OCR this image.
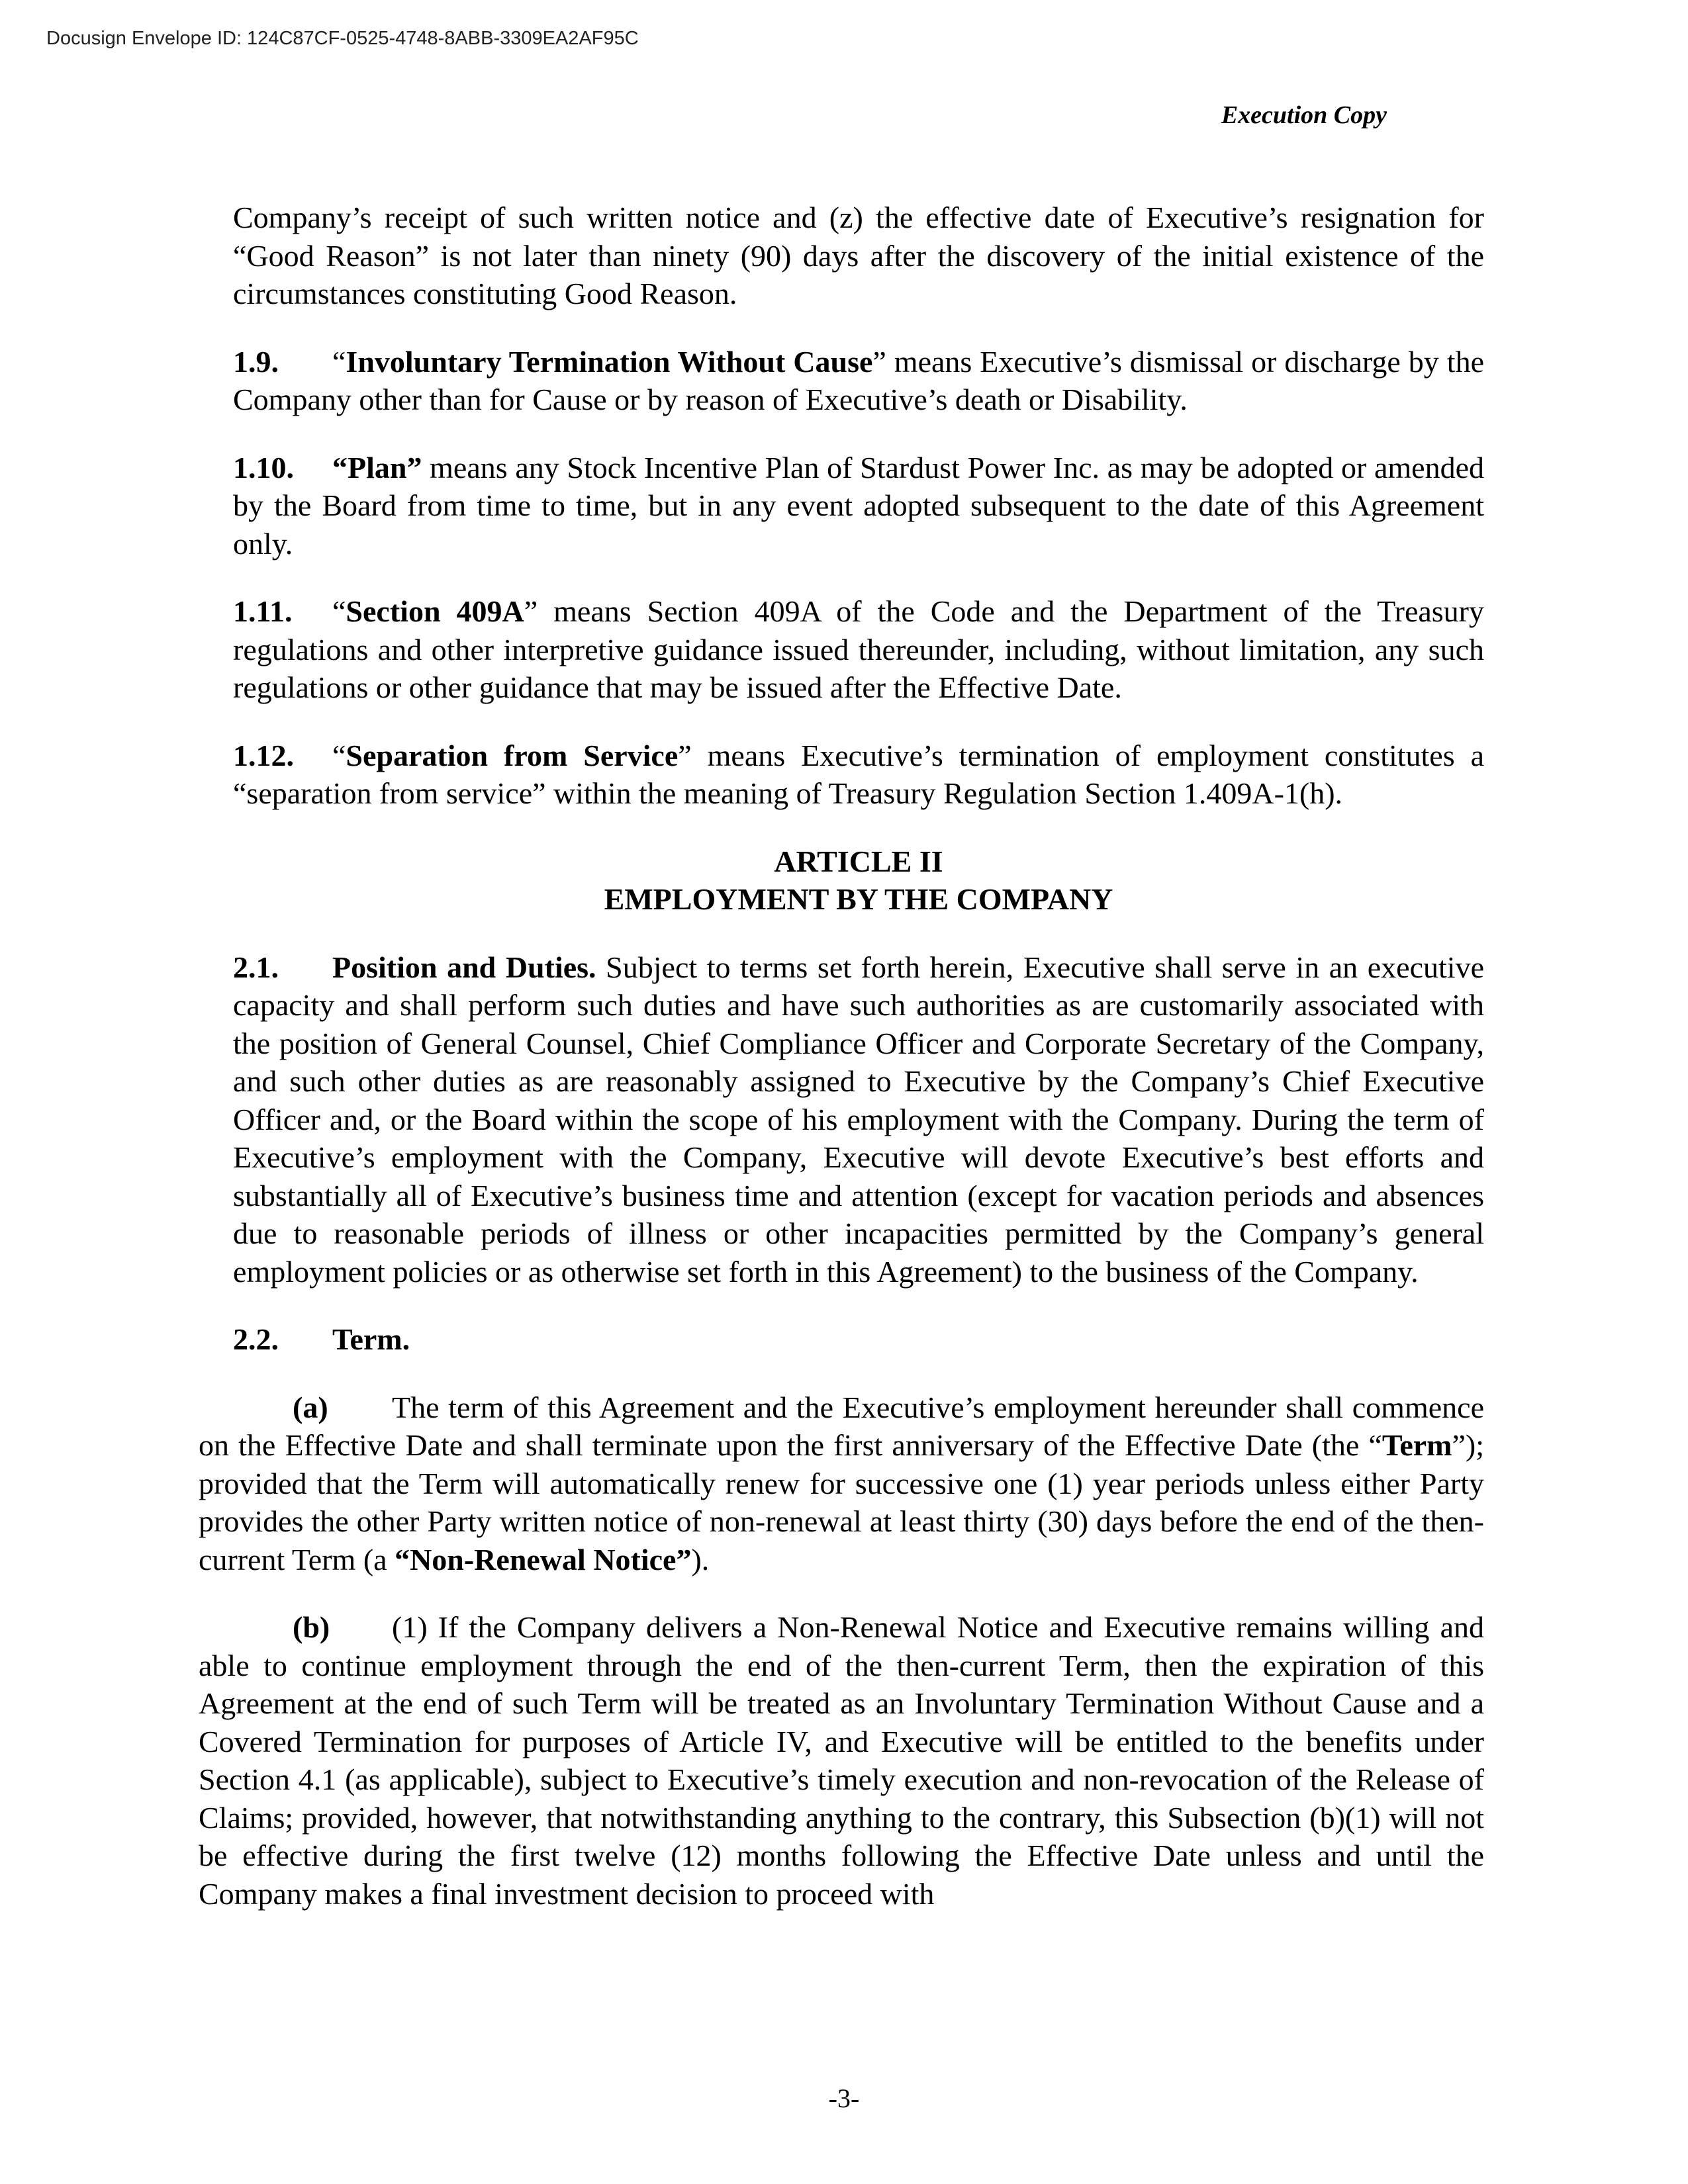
Docusign Envelope ID: 124C87CF-0525-4748-8ABB-3309EA2AF95C
Execution Copy

Company’s receipt of such written notice and (z) the effective date of Executive’s resignation for “Good Reason” is not later than ninety (90) days after the discovery of the initial existence of the circumstances constituting Good Reason.

1.9. “Involuntary Termination Without Cause” means Executive’s dismissal or discharge by the Company other than for Cause or by reason of Executive’s death or Disability.

1.10. “Plan” means any Stock Incentive Plan of Stardust Power Inc. as may be adopted or amended by the Board from time to time, but in any event adopted subsequent to the date of this Agreement only.

1.11. “Section 409A” means Section 409A of the Code and the Department of the Treasury regulations and other interpretive guidance issued thereunder, including, without limitation, any such regulations or other guidance that may be issued after the Effective Date.

1.12. “Separation from Service” means Executive’s termination of employment constitutes a “separation from service” within the meaning of Treasury Regulation Section 1.409A-1(h).

ARTICLE II
EMPLOYMENT BY THE COMPANY

2.1. Position and Duties. Subject to terms set forth herein, Executive shall serve in an executive capacity and shall perform such duties and have such authorities as are customarily associated with the position of General Counsel, Chief Compliance Officer and Corporate Secretary of the Company, and such other duties as are reasonably assigned to Executive by the Company’s Chief Executive Officer and, or the Board within the scope of his employment with the Company. During the term of Executive’s employment with the Company, Executive will devote Executive’s best efforts and substantially all of Executive’s business time and attention (except for vacation periods and absences due to reasonable periods of illness or other incapacities permitted by the Company’s general employment policies or as otherwise set forth in this Agreement) to the business of the Company.

2.2. Term.

(a) The term of this Agreement and the Executive’s employment hereunder shall commence on the Effective Date and shall terminate upon the first anniversary of the Effective Date (the “Term”); provided that the Term will automatically renew for successive one (1) year periods unless either Party provides the other Party written notice of non-renewal at least thirty (30) days before the end of the then-current Term (a “Non-Renewal Notice”).

(b) (1) If the Company delivers a Non-Renewal Notice and Executive remains willing and able to continue employment through the end of the then-current Term, then the expiration of this Agreement at the end of such Term will be treated as an Involuntary Termination Without Cause and a Covered Termination for purposes of Article IV, and Executive will be entitled to the benefits under Section 4.1 (as applicable), subject to Executive’s timely execution and non-revocation of the Release of Claims; provided, however, that notwithstanding anything to the contrary, this Subsection (b)(1) will not be effective during the first twelve (12) months following the Effective Date unless and until the Company makes a final investment decision to proceed with

-3-
